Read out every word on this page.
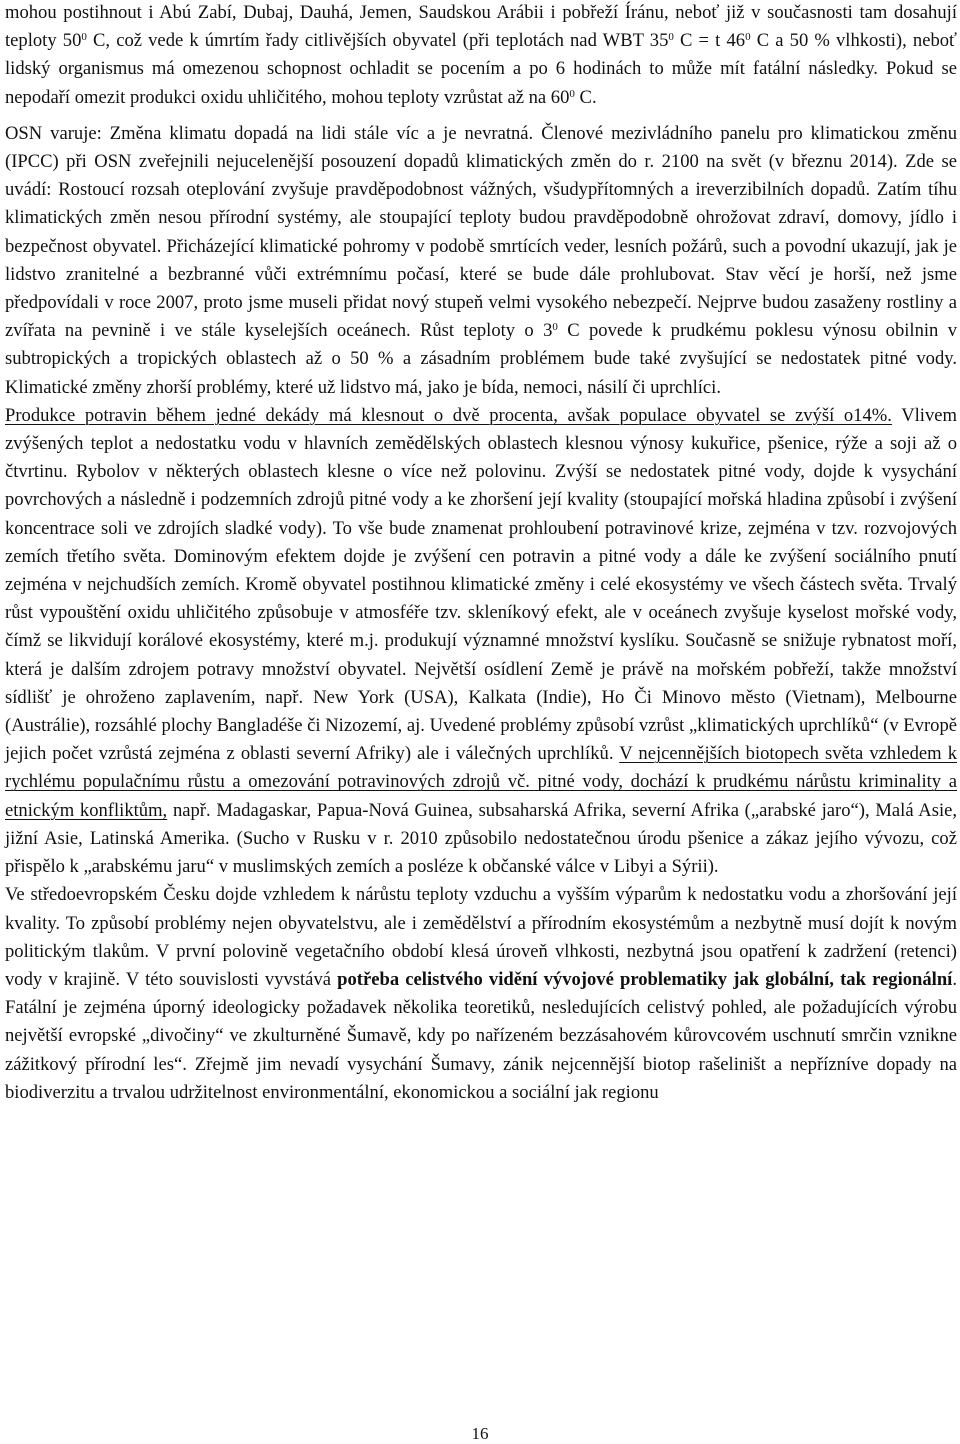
mohou postihnout i Abú Zabí, Dubaj, Dauhá, Jemen, Saudskou Arábii i pobřeží Íránu, neboť již v současnosti tam dosahují teploty $50^0$ C, což vede k úmrtím řady citlivějších obyvatel (při teplotách nad WBT $35^0$ C = t $46^0$ C a 50 % vlhkosti), neboť lidský organismus má omezenou schopnost ochladit se pocením a po 6 hodinách to může mít fatální následky. Pokud se nepodaří omezit produkci oxidu uhličitého, mohou teploty vzrůstat až na $60^0$ C.

OSN varuje: Změna klimatu dopadá na lidi stále víc a je nevratná. Členové mezivládního panelu pro klimatickou změnu (IPCC) při OSN zveřejnili nejucelenější posouzení dopadů klimatických změn do r. 2100 na svět (v březnu 2014). Zde se uvádí: Rostoucí rozsah oteplování zvyšuje pravděpodobnost vážných, všudypřítomných a ireverzibilních dopadů. Zatím tíhu klimatických změn nesou přírodní systémy, ale stoupající teploty budou pravděpodobně ohrožovat zdraví, domovy, jídlo i bezpečnost obyvatel. Přicházející klimatické pohromy v podobě smrtících veder, lesních požárů, such a povodní ukazují, jak je lidstvo zranitelné a bezbranné vůči extrémnímu počasí, které se bude dále prohlubovat. Stav věcí je horší, než jsme předpovídali v roce 2007, proto jsme museli přidat nový stupeň velmi vysokého nebezpečí. Nejprve budou zasaženy rostliny a zvířata na pevnině i ve stále kyselejších oceánech. Růst teploty o $3^0$ C povede k prudkému poklesu výnosu obilnin v subtropických a tropických oblastech až o 50 % a zásadním problémem bude také zvyšující se nedostatek pitné vody. Klimatické změny zhorší problémy, které už lidstvo má, jako je bída, nemoci, násilí či uprchlíci.

Produkce potravin během jedné dekády má klesnout o dvě procenta, avšak populace obyvatel se zvýší o14%. Vlivem zvýšených teplot a nedostatku vodu v hlavních zemědělských oblastech klesnou výnosy kukuřice, pšenice, rýže a soji až o čtvrtinu. Rybolov v některých oblastech klesne o více než polovinu. Zvýší se nedostatek pitné vody, dojde k vysychání povrchových a následně i podzemních zdrojů pitné vody a ke zhoršení její kvality (stoupající mořská hladina způsobí i zvýšení koncentrace soli ve zdrojích sladké vody). To vše bude znamenat prohloubení potravinové krize, zejména v tzv. rozvojových zemích třetího světa. Dominovým efektem dojde je zvýšení cen potravin a pitné vody a dále ke zvýšení sociálního pnutí zejména v nejchudších zemích. Kromě obyvatel postihnou klimatické změny i celé ekosystémy ve všech částech světa. Trvalý růst vypouštění oxidu uhličitého způsobuje v atmosféře tzv. skleníkový efekt, ale v oceánech zvyšuje kyselost mořské vody, čímž se likvidují korálové ekosystémy, které m.j. produkují významné množství kyslíku. Současně se snižuje rybnatost moří, která je dalším zdrojem potravy množství obyvatel. Největší osídlení Země je právě na mořském pobřeží, takže množství sídlišť je ohroženo zaplavením, např. New York (USA), Kalkata (Indie), Ho Či Minovo město (Vietnam), Melbourne (Austrálie), rozsáhlé plochy Bangladéše či Nizozemí, aj. Uvedené problémy způsobí vzrůst „klimatických uprchlíků“ (v Evropě jejich počet vzrůstá zejména z oblasti severní Afriky) ale i válečných uprchlíků. V nejcennějších biotopech světa vzhledem k rychlému populačnímu růstu a omezování potravinových zdrojů vč. pitné vody, dochází k prudkému nárůstu kriminality a etnickým konfliktům, např. Madagaskar, Papua-Nová Guinea, subsaharská Afrika, severní Afrika („arabské jaro“), Malá Asie, jižní Asie, Latinská Amerika. (Sucho v Rusku v r. 2010 způsobilo nedostatečnou úrodu pšenice a zákaz jejího vývozu, což přispělo k „arabskému jaru“ v muslimských zemích a posléze k občanské válce v Libyi a Sýrii).

Ve středoevropském Česku dojde vzhledem k nárůstu teploty vzduchu a vyšším výparům k nedostatku vodu a zhoršování její kvality. To způsobí problémy nejen obyvatelstvu, ale i zemědělství a přírodním ekosystémům a nezbytně musí dojít k novým politickým tlakům. V první polovině vegetačního období klesá úroveň vlhkosti, nezbytná jsou opatření k zadržení (retenci) vody v krajině. V této souvislosti vyvstává potřeba celistvého vidění vývojové problematiky jak globální, tak regionální. Fatální je zejména úporný ideologicky požadavek několika teoretiků, nesledujících celistvý pohled, ale požadujících výrobu největší evropské „divočiny“ ve zkulturněné Šumavě, kdy po nařízeném bezzásahovém kůrovcovém uschnutí smrčin vznikne zážitkový přírodní les“. Zřejmě jim nevadí vysychání Šumavy, zánik nejcennější biotop rašeliništ a nepřízníve dopady na biodiverzitu a trvalou udržitelnost environmentální, ekonomickou a sociální jak regionu

16
